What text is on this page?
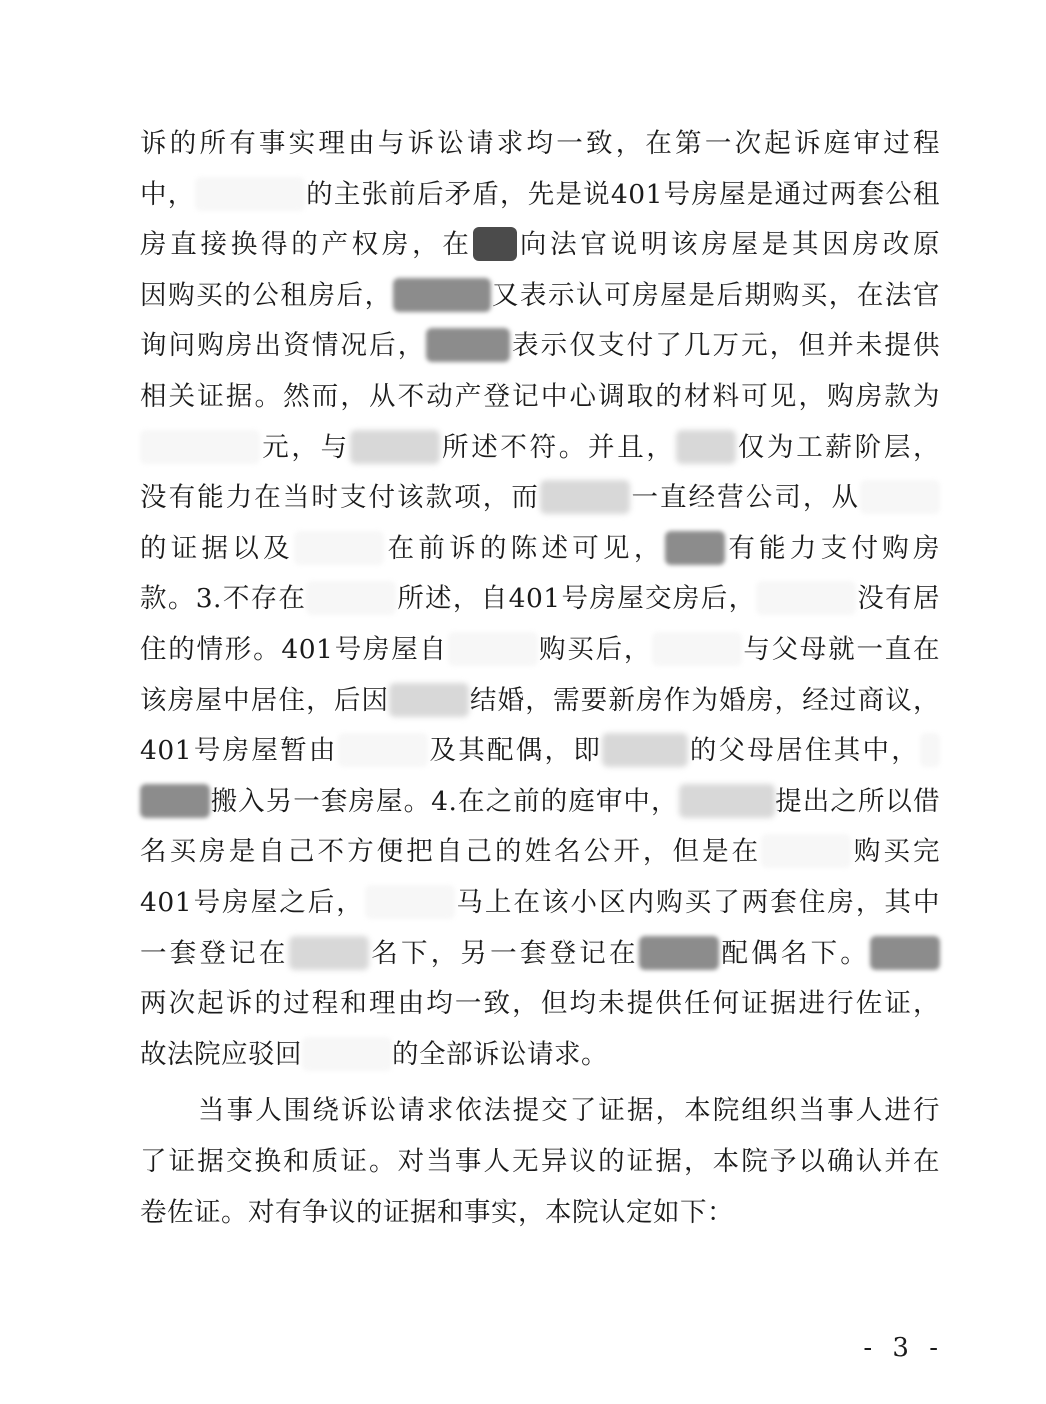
诉的所有事实理由与诉讼请求均一致，在第一次起诉庭审过程
中，	的主张前后矛盾，先是说401号房屋是通过两套公租
房直接换得的产权房，在 向法官说明该房屋是其因房改原
因购买的公租房后，	又表示认可房屋是后期购买，在法官
询问购房出资情况后，	表示仅支付了几万元，但并未提供
相关证据。然而，从不动产登记中心调取的材料可见，购房款为
元，与	所述不符。并且， 仅为工薪阶层，
没有能力在当时支付该款项，而	一直经营公司，从
的证据以及	在前诉的陈述可见， 有能力支付购房
款。3.不存在	所述，自401号房屋交房后，	没有居
住的情形。401号房屋自	购买后，	与父母就一直在
该房屋中居住，后因	结婚，需要新房作为婚房，经过商议，
401号房屋暂由	及其配偶，即	的父母居住其中，
搬入另一套房屋。4.在之前的庭审中，	提出之所以借
名买房是自己不方便把自己的姓名公开，但是在	购买完
401号房屋之后，	马上在该小区内购买了两套住房，其中
一套登记在	名下，另一套登记在	配偶名下。
两次起诉的过程和理由均一致，但均未提供任何证据进行佐证，
故法院应驳回	的全部诉讼请求。
当事人围绕诉讼请求依法提交了证据，本院组织当事人进行
了证据交换和质证。对当事人无异议的证据，本院予以确认并在
卷佐证。对有争议的证据和事实，本院认定如下：
- 3 -
